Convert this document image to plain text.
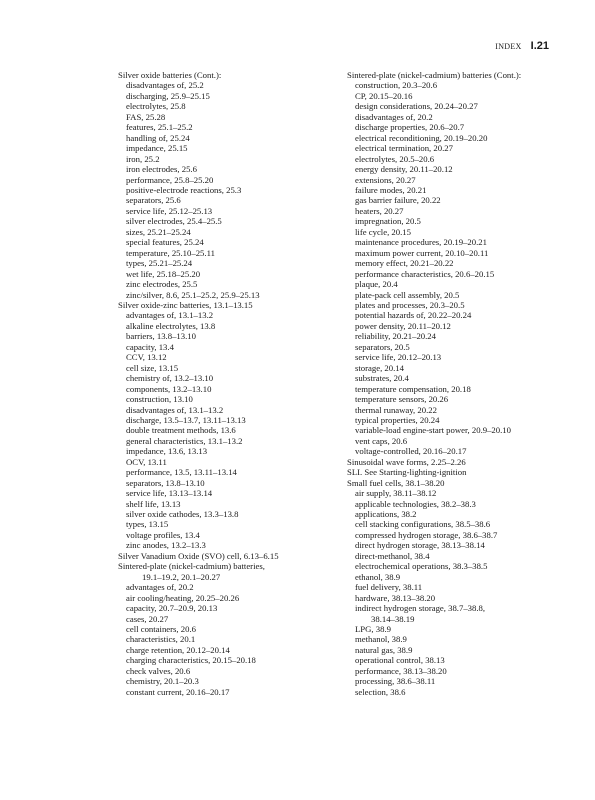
INDEX I.21
Silver oxide batteries (Cont.):
disadvantages of, 25.2
discharging, 25.9–25.15
electrolytes, 25.8
FAS, 25.28
features, 25.1–25.2
handling of, 25.24
impedance, 25.15
iron, 25.2
iron electrodes, 25.6
performance, 25.8–25.20
positive-electrode reactions, 25.3
separators, 25.6
service life, 25.12–25.13
silver electrodes, 25.4–25.5
sizes, 25.21–25.24
special features, 25.24
temperature, 25.10–25.11
types, 25.21–25.24
wet life, 25.18–25.20
zinc electrodes, 25.5
zinc/silver, 8.6, 25.1–25.2, 25.9–25.13
Silver oxide-zinc batteries, 13.1–13.15
advantages of, 13.1–13.2
alkaline electrolytes, 13.8
barriers, 13.8–13.10
capacity, 13.4
CCV, 13.12
cell size, 13.15
chemistry of, 13.2–13.10
components, 13.2–13.10
construction, 13.10
disadvantages of, 13.1–13.2
discharge, 13.5–13.7, 13.11–13.13
double treatment methods, 13.6
general characteristics, 13.1–13.2
impedance, 13.6, 13.13
OCV, 13.11
performance, 13.5, 13.11–13.14
separators, 13.8–13.10
service life, 13.13–13.14
shelf life, 13.13
silver oxide cathodes, 13.3–13.8
types, 13.15
voltage profiles, 13.4
zinc anodes, 13.2–13.3
Silver Vanadium Oxide (SVO) cell, 6.13–6.15
Sintered-plate (nickel-cadmium) batteries,
19.1–19.2, 20.1–20.27
advantages of, 20.2
air cooling/heating, 20.25–20.26
capacity, 20.7–20.9, 20.13
cases, 20.27
cell containers, 20.6
characteristics, 20.1
charge retention, 20.12–20.14
charging characteristics, 20.15–20.18
check valves, 20.6
chemistry, 20.1–20.3
constant current, 20.16–20.17
Sintered-plate (nickel-cadmium) batteries (Cont.):
construction, 20.3–20.6
CP, 20.15–20.16
design considerations, 20.24–20.27
disadvantages of, 20.2
discharge properties, 20.6–20.7
electrical reconditioning, 20.19–20.20
electrical termination, 20.27
electrolytes, 20.5–20.6
energy density, 20.11–20.12
extensions, 20.27
failure modes, 20.21
gas barrier failure, 20.22
heaters, 20.27
impregnation, 20.5
life cycle, 20.15
maintenance procedures, 20.19–20.21
maximum power current, 20.10–20.11
memory effect, 20.21–20.22
performance characteristics, 20.6–20.15
plaque, 20.4
plate-pack cell assembly, 20.5
plates and processes, 20.3–20.5
potential hazards of, 20.22–20.24
power density, 20.11–20.12
reliability, 20.21–20.24
separators, 20.5
service life, 20.12–20.13
storage, 20.14
substrates, 20.4
temperature compensation, 20.18
temperature sensors, 20.26
thermal runaway, 20.22
typical properties, 20.24
variable-load engine-start power, 20.9–20.10
vent caps, 20.6
voltage-controlled, 20.16–20.17
Sinusoidal wave forms, 2.25–2.26
SLI. See Starting-lighting-ignition
Small fuel cells, 38.1–38.20
air supply, 38.11–38.12
applicable technologies, 38.2–38.3
applications, 38.2
cell stacking configurations, 38.5–38.6
compressed hydrogen storage, 38.6–38.7
direct hydrogen storage, 38.13–38.14
direct-methanol, 38.4
electrochemical operations, 38.3–38.5
ethanol, 38.9
fuel delivery, 38.11
hardware, 38.13–38.20
indirect hydrogen storage, 38.7–38.8,
38.14–38.19
LPG, 38.9
methanol, 38.9
natural gas, 38.9
operational control, 38.13
performance, 38.13–38.20
processing, 38.6–38.11
selection, 38.6
